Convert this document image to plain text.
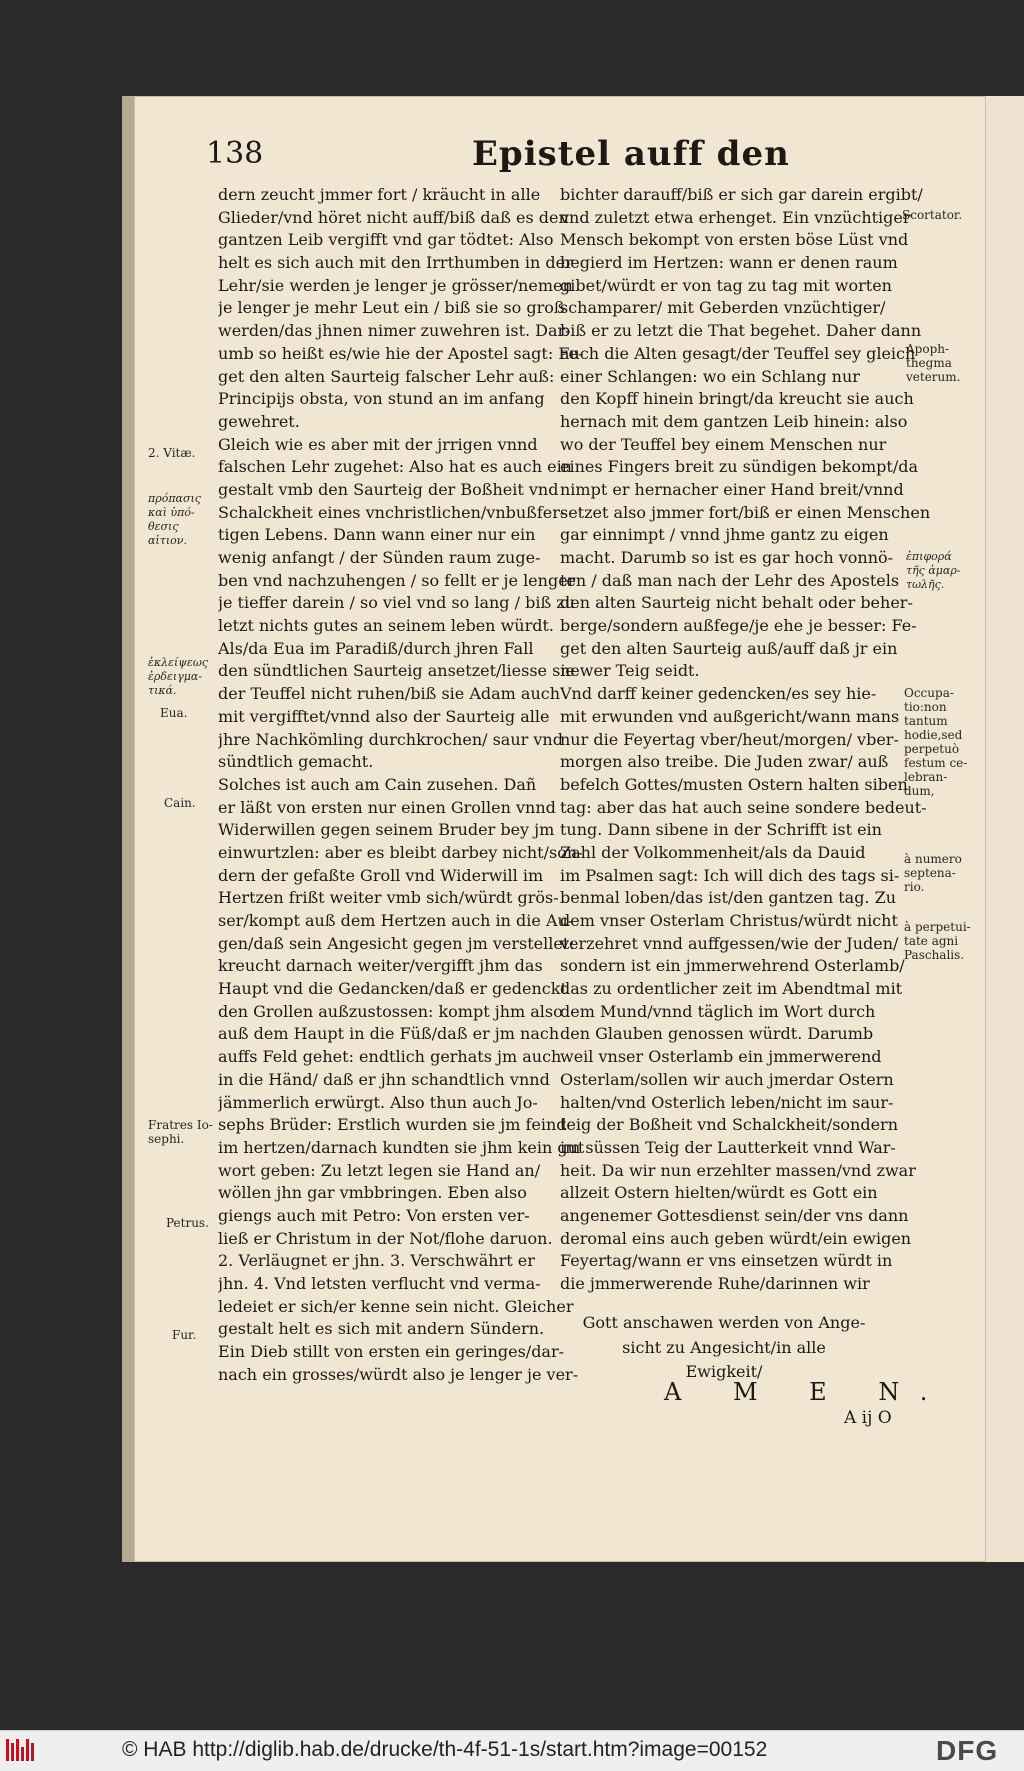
138	Epistel auff den
dern zeucht jmmer fort / kräucht in alle
Glieder/vnd höret nicht auff/biß daß es den
gantzen Leib vergifft vnd gar tödtet: Also
helt es sich auch mit den Irrthumben in der
Lehr/sie werden je lenger je grösser/nemen
je lenger je mehr Leut ein / biß sie so groß
werden/das jhnen nimer zuwehren ist. Dar-
umb so heißt es/wie hie der Apostel sagt: Fe-
get den alten Saurteig falscher Lehr auß:
Principijs obsta, von stund an im anfang
gewehret.
Gleich wie es aber mit der jrrigen vnnd
falschen Lehr zugehet: Also hat es auch ein
gestalt vmb den Saurteig der Boßheit vnd
Schalckheit eines vnchristlichen/vnbußfer-
tigen Lebens. Dann wann einer nur ein
wenig anfangt / der Sünden raum zuge-
ben vnd nachzuhengen / so fellt er je lenger
je tieffer darein / so viel vnd so lang / biß zu
letzt nichts gutes an seinem leben würdt.
Als/da Eua im Paradiß/durch jhren Fall
den sündtlichen Saurteig ansetzet/liesse sie
der Teuffel nicht ruhen/biß sie Adam auch
mit vergifftet/vnnd also der Saurteig alle
jhre Nachkömling durchkrochen/ saur vnd
sündtlich gemacht.
Solches ist auch am Cain zusehen. Dañ
er läßt von ersten nur einen Grollen vnnd
Widerwillen gegen seinem Bruder bey jm
einwurtzlen: aber es bleibt darbey nicht/son-
dern der gefaßte Groll vnd Widerwill im
Hertzen frißt weiter vmb sich/würdt grös-
ser/kompt auß dem Hertzen auch in die Au-
gen/daß sein Angesicht gegen jm verstellet:
kreucht darnach weiter/vergifft jhm das
Haupt vnd die Gedancken/daß er gedenckt
den Grollen außzustossen: kompt jhm also
auß dem Haupt in die Füß/daß er jm nach
auffs Feld gehet: endtlich gerhats jm auch
in die Händ/ daß er jhn schandtlich vnnd
jämmerlich erwürgt. Also thun auch Jo-
sephs Brüder: Erstlich wurden sie jm feind
im hertzen/darnach kundten sie jhm kein gut
wort geben: Zu letzt legen sie Hand an/
wöllen jhn gar vmbbringen. Eben also
giengs auch mit Petro: Von ersten ver-
ließ er Christum in der Not/flohe daruon.
2. Verläugnet er jhn. 3. Verschwährt er
jhn. 4. Vnd letsten verflucht vnd verma-
ledeiet er sich/er kenne sein nicht. Gleicher
gestalt helt es sich mit andern Sündern.
Ein Dieb stillt von ersten ein geringes/dar-
nach ein grosses/würdt also je lenger je ver-
bichter darauff/biß er sich gar darein ergibt/
vnd zuletzt etwa erhenget. Ein vnzüchtiger
Mensch bekompt von ersten böse Lüst vnd
begierd im Hertzen: wann er denen raum
gibet/würdt er von tag zu tag mit worten
schamparer/ mit Geberden vnzüchtiger/
biß er zu letzt die That begehet. Daher dann
auch die Alten gesagt/der Teuffel sey gleich
einer Schlangen: wo ein Schlang nur
den Kopff hinein bringt/da kreucht sie auch
hernach mit dem gantzen Leib hinein: also
wo der Teuffel bey einem Menschen nur
eines Fingers breit zu sündigen bekompt/da
nimpt er hernacher einer Hand breit/vnnd
setzet also jmmer fort/biß er einen Menschen
gar einnimpt / vnnd jhme gantz zu eigen
macht. Darumb so ist es gar hoch vonnö-
ten / daß man nach der Lehr des Apostels
den alten Saurteig nicht behalt oder beher-
berge/sondern außfege/je ehe je besser: Fe-
get den alten Saurteig auß/auff daß jr ein
newer Teig seidt.
Vnd darff keiner gedencken/es sey hie-
mit erwunden vnd außgericht/wann mans
nur die Feyertag vber/heut/morgen/ vber-
morgen also treibe. Die Juden zwar/ auß
befelch Gottes/musten Ostern halten siben
tag: aber das hat auch seine sondere bedeut-
tung. Dann sibene in der Schrifft ist ein
Zahl der Volkommenheit/als da Dauid
im Psalmen sagt: Ich will dich des tags si-
benmal loben/das ist/den gantzen tag. Zu
dem vnser Osterlam Christus/würdt nicht
verzehret vnnd auffgessen/wie der Juden/
sondern ist ein jmmerwehrend Osterlamb/
das zu ordentlicher zeit im Abendtmal mit
dem Mund/vnnd täglich im Wort durch
den Glauben genossen würdt. Darumb
weil vnser Osterlamb ein jmmerwerend
Osterlam/sollen wir auch jmerdar Ostern
halten/vnd Osterlich leben/nicht im saur-
teig der Boßheit vnd Schalckheit/sondern
im süssen Teig der Lautterkeit vnnd War-
heit. Da wir nun erzehlter massen/vnd zwar
allzeit Ostern hielten/würdt es Gott ein
angenemer Gottesdienst sein/der vns dann
deromal eins auch geben würdt/ein ewigen
Feyertag/wann er vns einsetzen würdt in
die jmmerwerende Ruhe/darinnen wir
Gott anschawen werden von Ange-
sicht zu Angesicht/in alle
Ewigkeit/
A M E N.
A ij O
2. Vitæ.
πρόπασις
καὶ ὑπό-
θεσις
αἰτιον.
ἐκλείψεως
ἐρδειγμα-
τικά.
Eua.
Cain.
Fratres Io-
sephi.
Petrus.
Fur.
Scortator.
Apoph-
thegma
veterum.
ἐπιφορά
τῆς ἁμαρ-
τωλῆς.
Occupa-
tio:non
tantum
hodie,sed
perpetuò
festum ce-
lebran-
dum,
à numero
septena-
rio.
à perpetui-
tate agni
Paschalis.
© HAB http://diglib.hab.de/drucke/th-4f-51-1s/start.htm?image=00152	DFG
